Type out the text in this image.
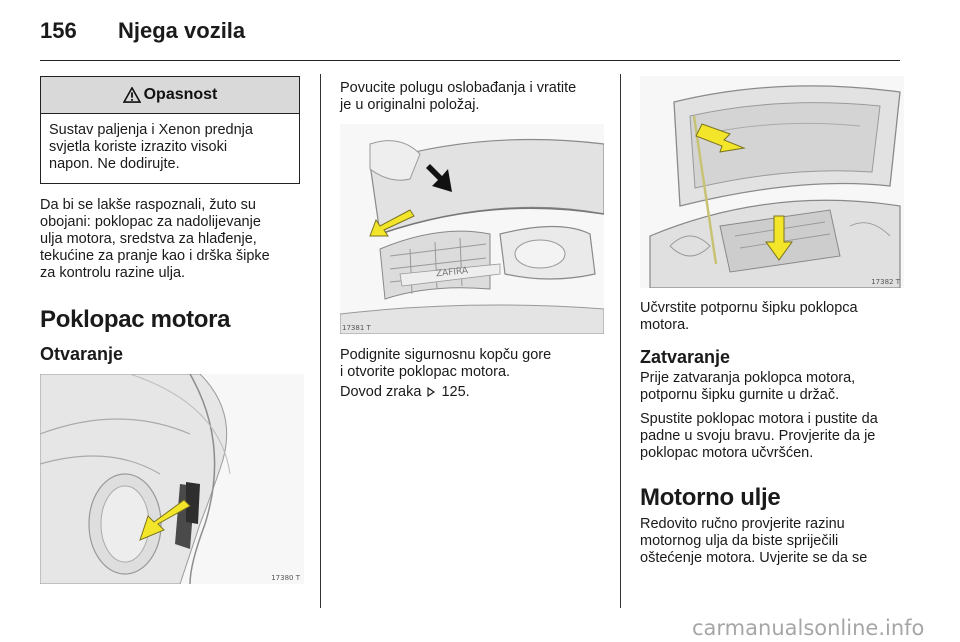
156 Njega vozila
Opasnost
Sustav paljenja i Xenon prednja
svjetla koriste izrazito visoki
napon. Ne dodirujte.
Da bi se lakše raspoznali, žuto su
obojani: poklopac za nadolijevanje
ulja motora, sredstva za hlađenje,
tekućine za pranje kao i drška šipke
za kontrolu razine ulja.
Poklopac motora
Otvaranje
17380 T
Povucite polugu oslobađanja i vratite
je u originalni položaj.
ZAFIRA
17381 T
Podignite sigurnosnu kopču gore
i otvorite poklopac motora.
Dovod zraka 125.
17382 T
Učvrstite potpornu šipku poklopca
motora.
Zatvaranje
Prije zatvaranja poklopca motora,
potpornu šipku gurnite u držač.
Spustite poklopac motora i pustite da
padne u svoju bravu. Provjerite da je
poklopac motora učvršćen.
Motorno ulje
Redovito ručno provjerite razinu
motornog ulja da biste spriječili
oštećenje motora. Uvjerite se da se
carmanualsonline.info
